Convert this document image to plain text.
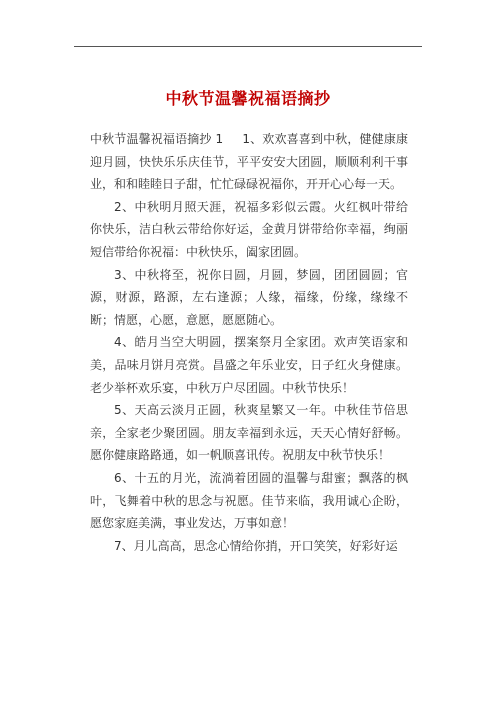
中秋节温馨祝福语摘抄

中秋节温馨祝福语摘抄 1 1、欢欢喜喜到中秋，健健康康迎月圆，快快乐乐庆佳节，平平安安大团圆，顺顺利利干事业，和和睦睦日子甜，忙忙碌碌祝福你，开开心心每一天。

2、中秋明月照天涯，祝福多彩似云霞。火红枫叶带给你快乐，洁白秋云带给你好运，金黄月饼带给你幸福，绚丽短信带给你祝福：中秋快乐，阖家团圆。

3、中秋将至，祝你日圆，月圆，梦圆，团团圆圆；官源，财源，路源，左右逢源；人缘，福缘，份缘，缘缘不断；情愿，心愿，意愿，愿愿随心。

4、皓月当空大明圆，摆案祭月全家团。欢声笑语家和美，品味月饼月亮赏。昌盛之年乐业安，日子红火身健康。老少举杯欢乐宴，中秋万户尽团圆。中秋节快乐！

5、天高云淡月正圆，秋爽星繁又一年。中秋佳节倍思亲，全家老少聚团圆。朋友幸福到永远，天天心情好舒畅。愿你健康路路通，如一帆顺喜讯传。祝朋友中秋节快乐！

6、十五的月光，流淌着团圆的温馨与甜蜜；飘落的枫叶，飞舞着中秋的思念与祝愿。佳节来临，我用诚心企盼，愿您家庭美满，事业发达，万事如意！

7、月儿高高，思念心情给你捎，开口笑笑，好彩好运
